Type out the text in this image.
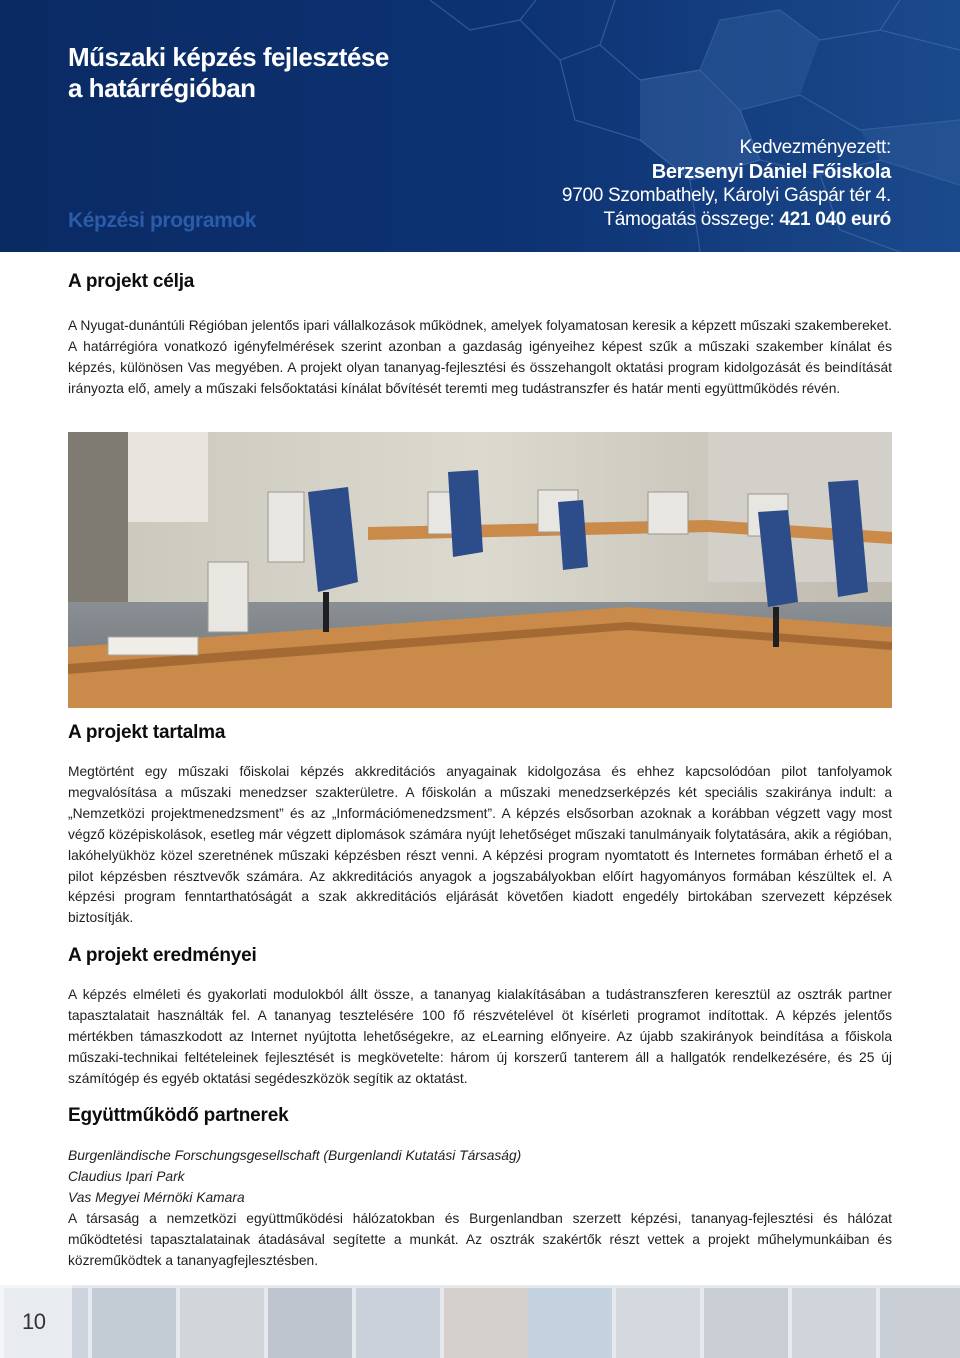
Műszaki képzés fejlesztése
a határrégióban
Képzési programok
Kedvezményezett:
Berzsenyi Dániel Főiskola
9700 Szombathely, Károlyi Gáspár tér 4.
Támogatás összege: 421 040 euró
A projekt célja

A Nyugat-dunántúli Régióban jelentős ipari vállalkozások működnek, amelyek folyamatosan keresik a képzett műszaki szakembereket. A határrégióra vonatkozó igényfelmérések szerint azonban a gazdaság igényeihez képest szűk a műszaki szakember kínálat és képzés, különösen Vas megyében. A projekt olyan tananyag-fejlesztési és összehangolt oktatási program kidolgozását és beindítását irányozta elő, amely a műszaki felsőoktatási kínálat bővítését teremti meg tudástranszfer és határ menti együttműködés révén.

A projekt tartalma

Megtörtént egy műszaki főiskolai képzés akkreditációs anyagainak kidolgozása és ehhez kapcsolódóan pilot tanfolyamok megvalósítása a műszaki menedzser szakterületre. A főiskolán a műszaki menedzserképzés két speciális szakiránya indult: a „Nemzetközi projektmenedzsment” és az „Információmenedzsment”. A képzés elsősorban azoknak a korábban végzett vagy most végző középiskolások, esetleg már végzett diplomások számára nyújt lehetőséget műszaki tanulmányaik folytatására, akik a régióban, lakóhelyükhöz közel szeretnének műszaki képzésben részt venni. A képzési program nyomtatott és Internetes formában érhető el a pilot képzésben résztvevők számára. Az akkreditációs anyagok a jogszabályokban előírt hagyományos formában készültek el. A képzési program fenntarthatóságát a szak akkreditációs eljárását követően kiadott engedély birtokában szervezett képzések biztosítják.

A projekt eredményei

A képzés elméleti és gyakorlati modulokból állt össze, a tananyag kialakításában a tudástranszferen keresztül az osztrák partner tapasztalatait használták fel. A tananyag tesztelésére 100 fő részvételével öt kísérleti programot indítottak. A képzés jelentős mértékben támaszkodott az Internet nyújtotta lehetőségekre, az eLearning előnyeire. Az újabb szakirányok beindítása a főiskola műszaki-technikai feltételeinek fejlesztését is megkövetelte: három új korszerű tanterem áll a hallgatók rendelkezésére, és 25 új számítógép és egyéb oktatási segédeszközök segítik az oktatást.

Együttműködő partnerek
Burgenländische Forschungsgesellschaft (Burgenlandi Kutatási Társaság)
Claudius Ipari Park
Vas Megyei Mérnöki Kamara

A társaság a nemzetközi együttműködési hálózatokban és Burgenlandban szerzett képzési, tananyag-fejlesztési és hálózat működtetési tapasztalatainak átadásával segítette a munkát. Az osztrák szakértők részt vettek a projekt műhelymunkáiban és közreműködtek a tananyagfejlesztésben.

10
